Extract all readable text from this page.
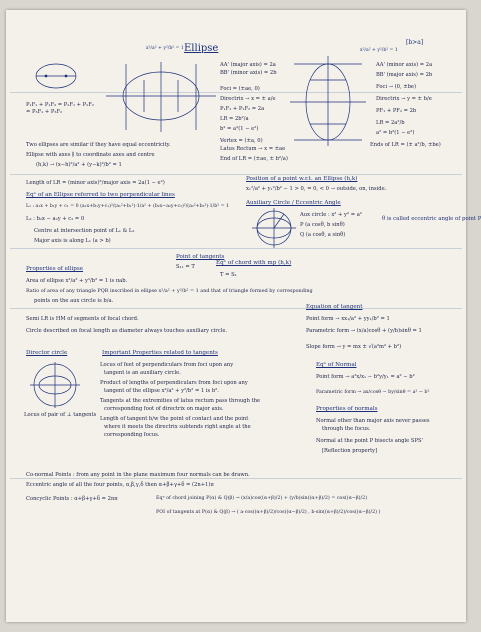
Ellipse
[b>a]
x²/a² + y²/b² = 1	x²/a² + y²/b² = 1
P₁F₁ + P₁F₂ = P₂F₁ + P₂F₂
= P₃F₁ + P₃F₂
AA' (major axis) = 2a
BB' (minor axis) = 2b
Foci = (±ae, 0)
Directrix → x = ± a/e
P₁F₁ + P₁F₂ = 2a
LR = 2b²/a
b² = a²(1 − e²)
AA' (minor axis) = 2a
BB' (major axis) = 2b
Foci → (0, ±be)
Directrix → y = ± b/e
PF₁ + PF₂ = 2b
LR = 2a²/b
a² = b²(1 − e²)
Ends of LR = (± a²/b, ±be)
Vertex = (±a, 0)
Latus Rectum → x = ±ae
End of LR = (±ae, ± b²/a)
Two ellipses are similar if they have equal eccentricity.
Ellipse with axes ∥ to coordinate axes and centre
(h,k) → (x−h)²/a² + (y−k)²/b² = 1
Length of LR = (minor axis)²/major axis = 2a(1 − e²)
Eqⁿ of an Ellipse referred to two perpendicular lines
L₁ : a₁x + b₁y + c₁ = 0 (a₁x+b₁y+c₁)²/(a₁²+b₁²)·1/a² + (b₂x−a₂y+c₂)²/(a₂²+b₂²)·1/b² = 1
L₂ : b₂x − a₂y + c₂ = 0
Centre at intersection point of L₁ & L₂
Major axis is along L₁ (a > b)
Position of a point w.r.t. an Ellipse (h,k)
x₁²/a² + y₁²/b² − 1 > 0, = 0, < 0 → outside, on, inside.
Auxiliary Circle / Eccentric Angle
Aux circle : x² + y² = a²
P (a cosθ, b sinθ)
Q (a cosθ, a sinθ)
θ is called eccentric angle of point P
Point of tangents
S₁₁ = T
Eqⁿ of chord with mp (h,k)
T = S₁
Properties of ellipse
Area of ellipse x²/a² + y²/b² = 1 is πab.
Ratio of area of any triangle PQR inscribed in ellipse x²/a² + y²/b² = 1 and that of triangle formed by corresponding
points on the aux circle is b/a.
Equation of tangent
Point form → xx₁/a² + yy₁/b² = 1
Parametric form → (x/a)cosθ + (y/b)sinθ = 1
Slope form → y = mx ± √(a²m² + b²)
Semi LR is HM of segments of focal chord.
Circle described on focal length as diameter always touches auxiliary circle.
Director circle
Locus of pair of ⊥ tangents
Important Properties related to tangents
Locus of feet of perpendiculars from foci upon any
tangent is an auxiliary circle.
Product of lengths of perpendiculars from foci upon any
tangent of the ellipse x²/a² + y²/b² = 1 is b².
Tangents at the extremities of latus rectum pass through the
corresponding foot of directrix on major axis.
Length of tangent b/w the point of contact and the point
where it meets the directrix subtends right angle at the
corresponding focus.
Eqⁿ of Normal
Point form → a²x/x₁ − b²y/y₁ = a² − b²
Parametric form → ax/cosθ − by/sinθ = a² − b²
Properties of normals
Normal other than major axis never passes
through the focus.
Normal at the point P bisects angle SPS'
[Reflection property]
Co-normal Points : from any point in the plane maximum four normals can be drawn.
Eccentric angle of all the four points, α,β,γ,δ then α+β+γ+δ = (2n+1)π
Concyclic Points : α+β+γ+δ = 2nπ	Eqⁿ of chord joining P(α) & Q(β) → (x/a)cos((α+β)/2) + (y/b)sin((α+β)/2) = cos((α−β)/2)
POI of tangents at P(α) & Q(β) → ( a·cos((α+β)/2)/cos((α−β)/2) , b·sin((α+β)/2)/cos((α−β)/2) )
